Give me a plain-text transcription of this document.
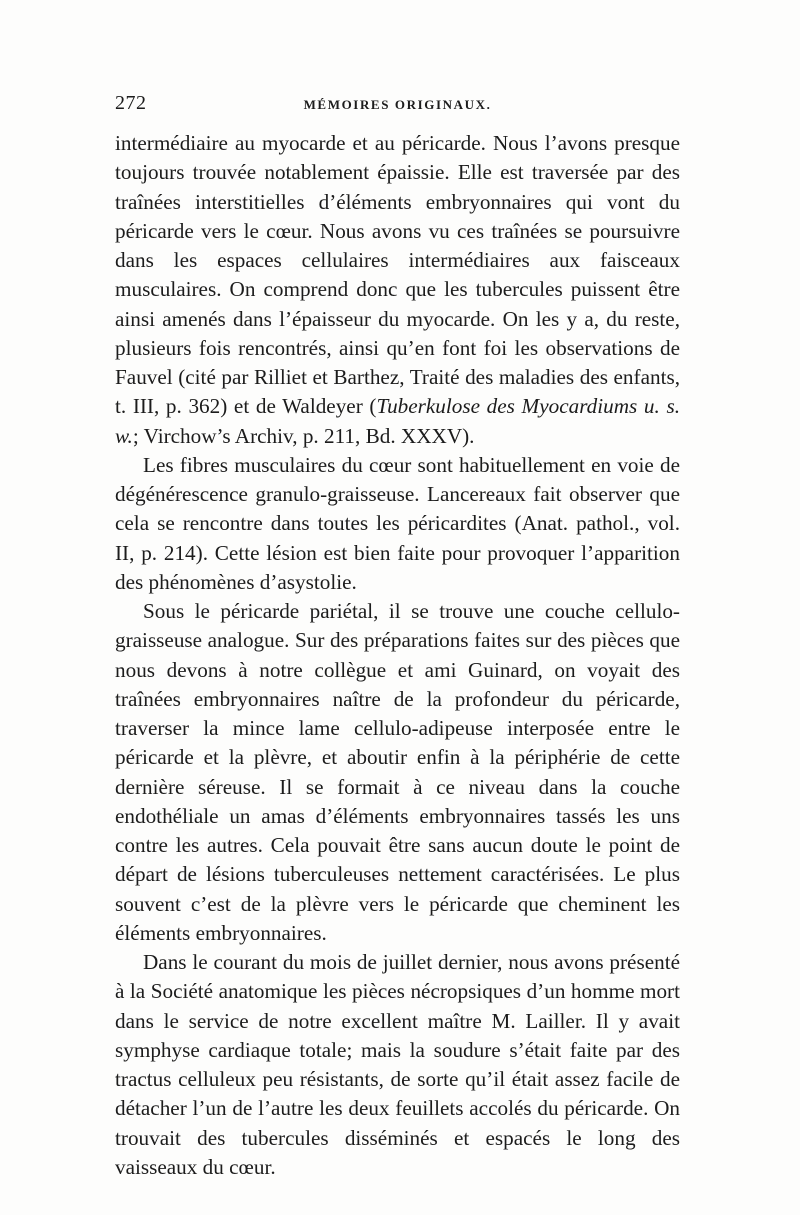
272	MÉMOIRES ORIGINAUX.

intermédiaire au myocarde et au péricarde. Nous l’avons presque toujours trouvée notablement épaissie. Elle est traversée par des traînées interstitielles d’éléments embryonnaires qui vont du péricarde vers le cœur. Nous avons vu ces traînées se poursuivre dans les espaces cellulaires intermédiaires aux faisceaux musculaires. On comprend donc que les tubercules puissent être ainsi amenés dans l’épaisseur du myocarde. On les y a, du reste, plusieurs fois rencontrés, ainsi qu’en font foi les observations de Fauvel (cité par Rilliet et Barthez, Traité des maladies des enfants, t. III, p. 362) et de Waldeyer (Tuberkulose des Myocardiums u. s. w.; Virchow’s Archiv, p. 211, Bd. XXXV).

Les fibres musculaires du cœur sont habituellement en voie de dégénérescence granulo-graisseuse. Lancereaux fait observer que cela se rencontre dans toutes les péricardites (Anat. pathol., vol. II, p. 214). Cette lésion est bien faite pour provoquer l’apparition des phénomènes d’asystolie.

Sous le péricarde pariétal, il se trouve une couche cellulo-graisseuse analogue. Sur des préparations faites sur des pièces que nous devons à notre collègue et ami Guinard, on voyait des traînées embryonnaires naître de la profondeur du péricarde, traverser la mince lame cellulo-adipeuse interposée entre le péricarde et la plèvre, et aboutir enfin à la périphérie de cette dernière séreuse. Il se formait à ce niveau dans la couche endothéliale un amas d’éléments embryonnaires tassés les uns contre les autres. Cela pouvait être sans aucun doute le point de départ de lésions tuberculeuses nettement caractérisées. Le plus souvent c’est de la plèvre vers le péricarde que cheminent les éléments embryonnaires.

Dans le courant du mois de juillet dernier, nous avons présenté à la Société anatomique les pièces nécropsiques d’un homme mort dans le service de notre excellent maître M. Lailler. Il y avait symphyse cardiaque totale; mais la soudure s’était faite par des tractus celluleux peu résistants, de sorte qu’il était assez facile de détacher l’un de l’autre les deux feuillets accolés du péricarde. On trouvait des tubercules disséminés et espacés le long des vaisseaux du cœur.
